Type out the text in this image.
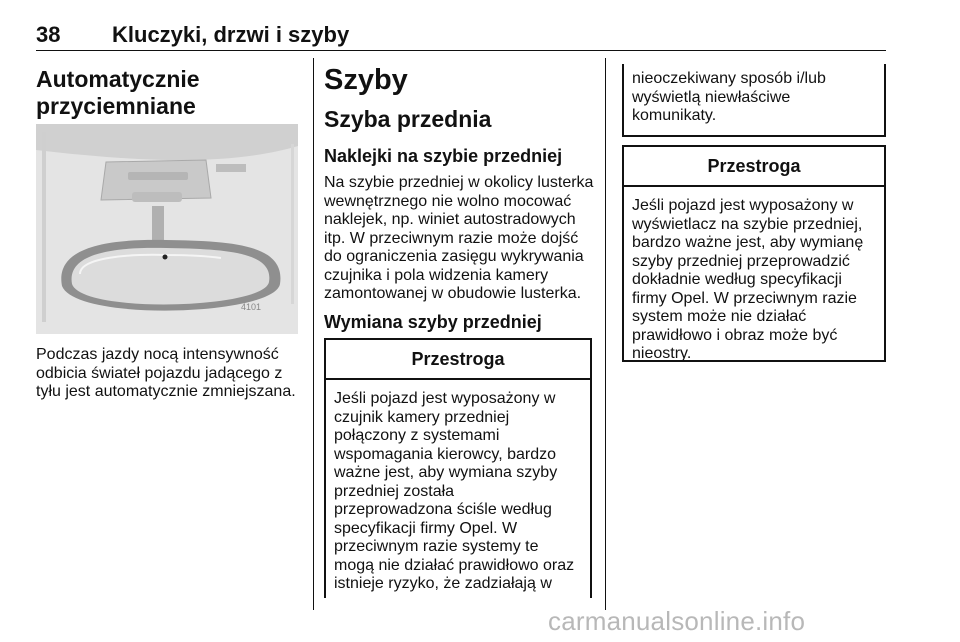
38 Kluczyki, drzwi i szyby
Automatycznie
przyciemniane
4101
Podczas jazdy nocą intensywność
odbicia świateł pojazdu jadącego z
tyłu jest automatycznie zmniejszana.
Szyby
Szyba przednia
Naklejki na szybie przedniej
Na szybie przedniej w okolicy lusterka
wewnętrznego nie wolno mocować
naklejek, np. winiet autostradowych
itp. W przeciwnym razie może dojść
do ograniczenia zasięgu wykrywania
czujnika i pola widzenia kamery
zamontowanej w obudowie lusterka.
Wymiana szyby przedniej
Przestroga
Jeśli pojazd jest wyposażony w
czujnik kamery przedniej
połączony z systemami
wspomagania kierowcy, bardzo
ważne jest, aby wymiana szyby
przedniej została
przeprowadzona ściśle według
specyfikacji firmy Opel. W
przeciwnym razie systemy te
mogą nie działać prawidłowo oraz
istnieje ryzyko, że zadziałają w
nieoczekiwany sposób i/lub
wyświetlą niewłaściwe
komunikaty.
Przestroga
Jeśli pojazd jest wyposażony w
wyświetlacz na szybie przedniej,
bardzo ważne jest, aby wymianę
szyby przedniej przeprowadzić
dokładnie według specyfikacji
firmy Opel. W przeciwnym razie
system może nie działać
prawidłowo i obraz może być
nieostry.
carmanualsonline.info
